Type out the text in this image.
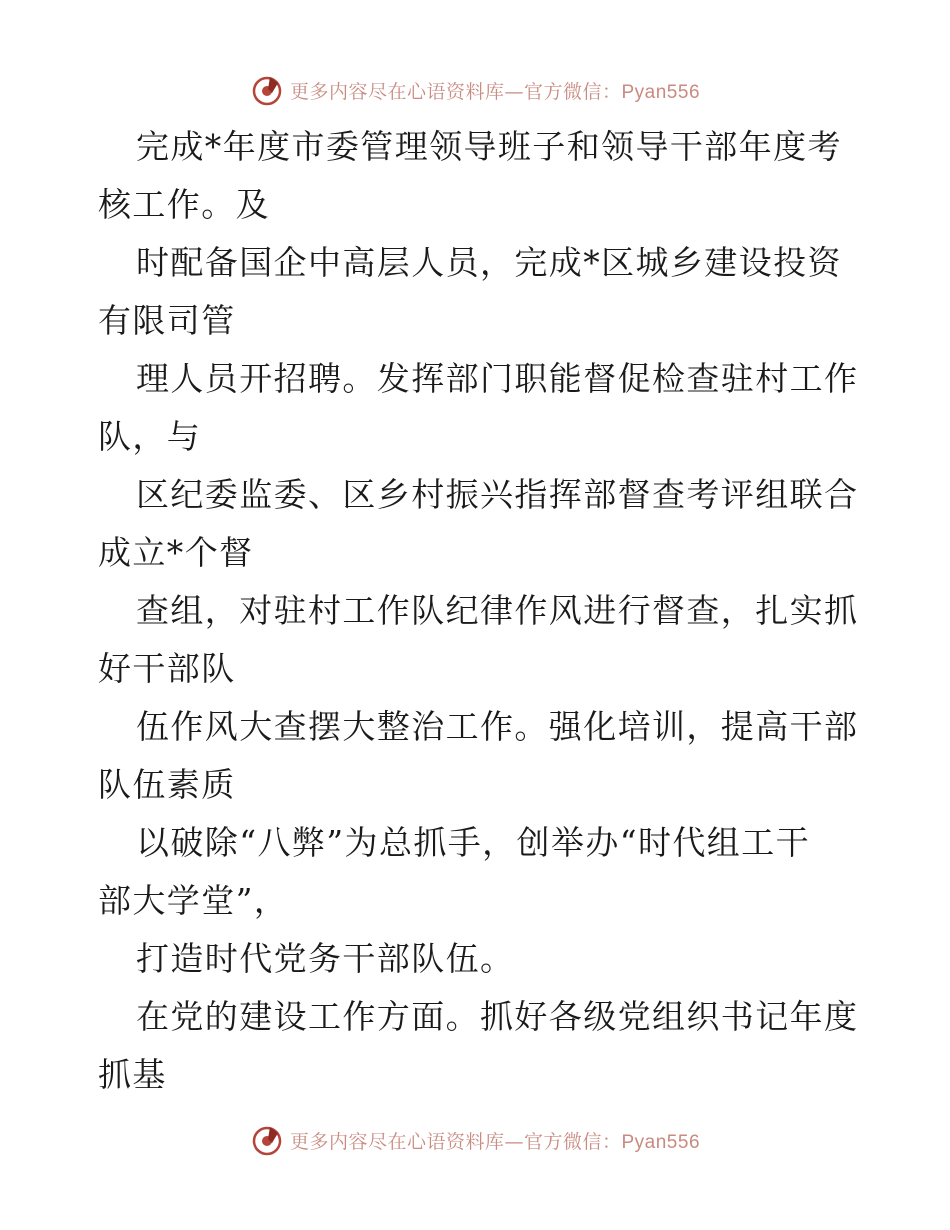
更多内容尽在心语资料库—官方微信：Pyan556
完成*年度市委管理领导班子和领导干部年度考
核工作。及
时配备国企中高层人员，完成*区城乡建设投资
有限司管
理人员开招聘。发挥部门职能督促检查驻村工作
队，与
区纪委监委、区乡村振兴指挥部督查考评组联合
成立*个督
查组，对驻村工作队纪律作风进行督查，扎实抓
好干部队
伍作风大查摆大整治工作。强化培训，提高干部
队伍素质
以破除“八弊”为总抓手，创举办“时代组工干
部大学堂”，
打造时代党务干部队伍。
在党的建设工作方面。抓好各级党组织书记年度
抓基
更多内容尽在心语资料库—官方微信：Pyan556
